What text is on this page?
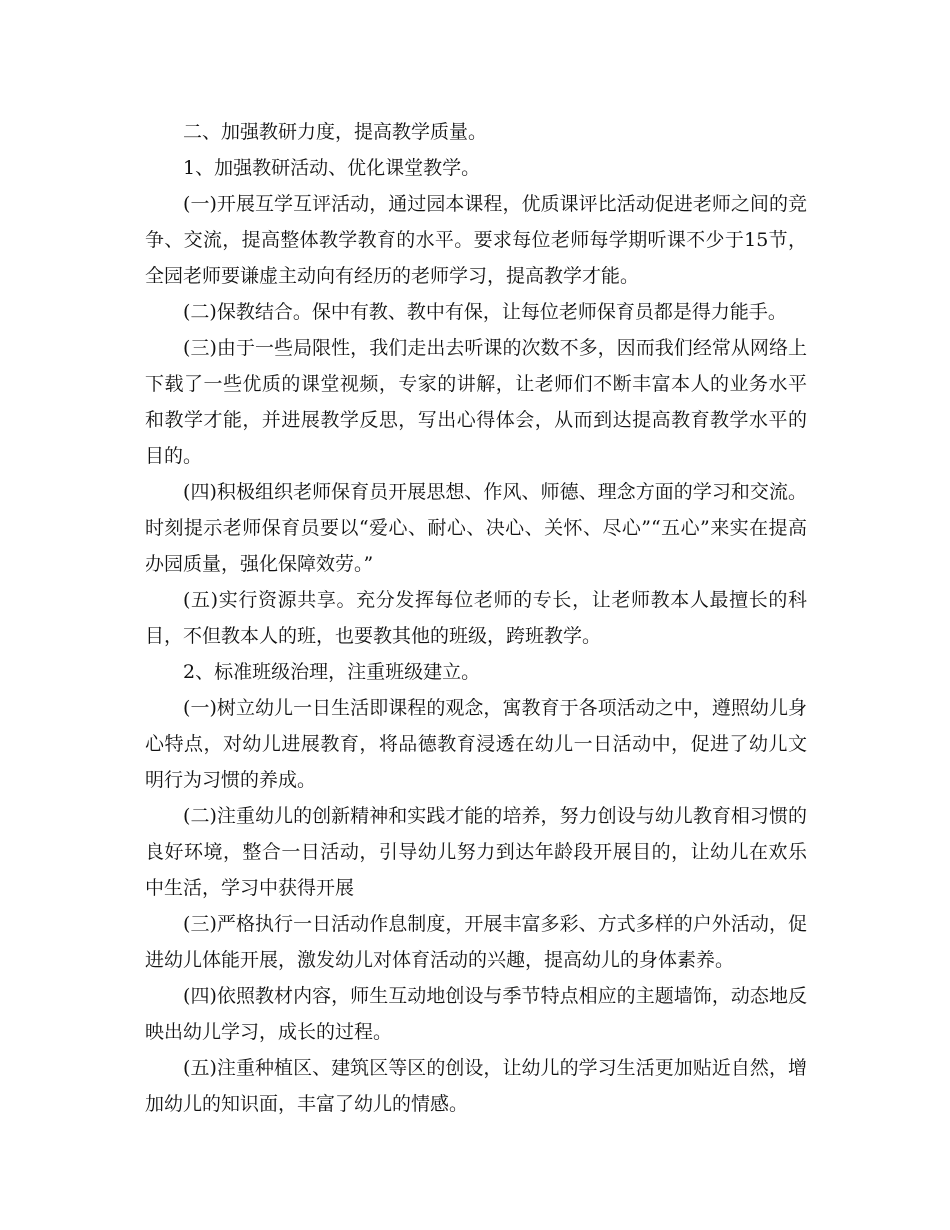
二、加强教研力度，提高教学质量。

1、加强教研活动、优化课堂教学。

(一)开展互学互评活动，通过园本课程，优质课评比活动促进老师之间的竞争、交流，提高整体教学教育的水平。要求每位老师每学期听课不少于15节，全园老师要谦虚主动向有经历的老师学习，提高教学才能。

(二)保教结合。保中有教、教中有保，让每位老师保育员都是得力能手。

(三)由于一些局限性，我们走出去听课的次数不多，因而我们经常从网络上下载了一些优质的课堂视频，专家的讲解，让老师们不断丰富本人的业务水平和教学才能，并进展教学反思，写出心得体会，从而到达提高教育教学水平的目的。

(四)积极组织老师保育员开展思想、作风、师德、理念方面的学习和交流。时刻提示老师保育员要以“爱心、耐心、决心、关怀、尽心”“五心”来实在提高办园质量，强化保障效劳。”

(五)实行资源共享。充分发挥每位老师的专长，让老师教本人最擅长的科目，不但教本人的班，也要教其他的班级，跨班教学。

2、标准班级治理，注重班级建立。

(一)树立幼儿一日生活即课程的观念，寓教育于各项活动之中，遵照幼儿身心特点，对幼儿进展教育，将品德教育浸透在幼儿一日活动中，促进了幼儿文明行为习惯的养成。

(二)注重幼儿的创新精神和实践才能的培养，努力创设与幼儿教育相习惯的良好环境，整合一日活动，引导幼儿努力到达年龄段开展目的，让幼儿在欢乐中生活，学习中获得开展

(三)严格执行一日活动作息制度，开展丰富多彩、方式多样的户外活动，促进幼儿体能开展，激发幼儿对体育活动的兴趣，提高幼儿的身体素养。

(四)依照教材内容，师生互动地创设与季节特点相应的主题墙饰，动态地反映出幼儿学习，成长的过程。

(五)注重种植区、建筑区等区的创设，让幼儿的学习生活更加贴近自然，增加幼儿的知识面，丰富了幼儿的情感。
